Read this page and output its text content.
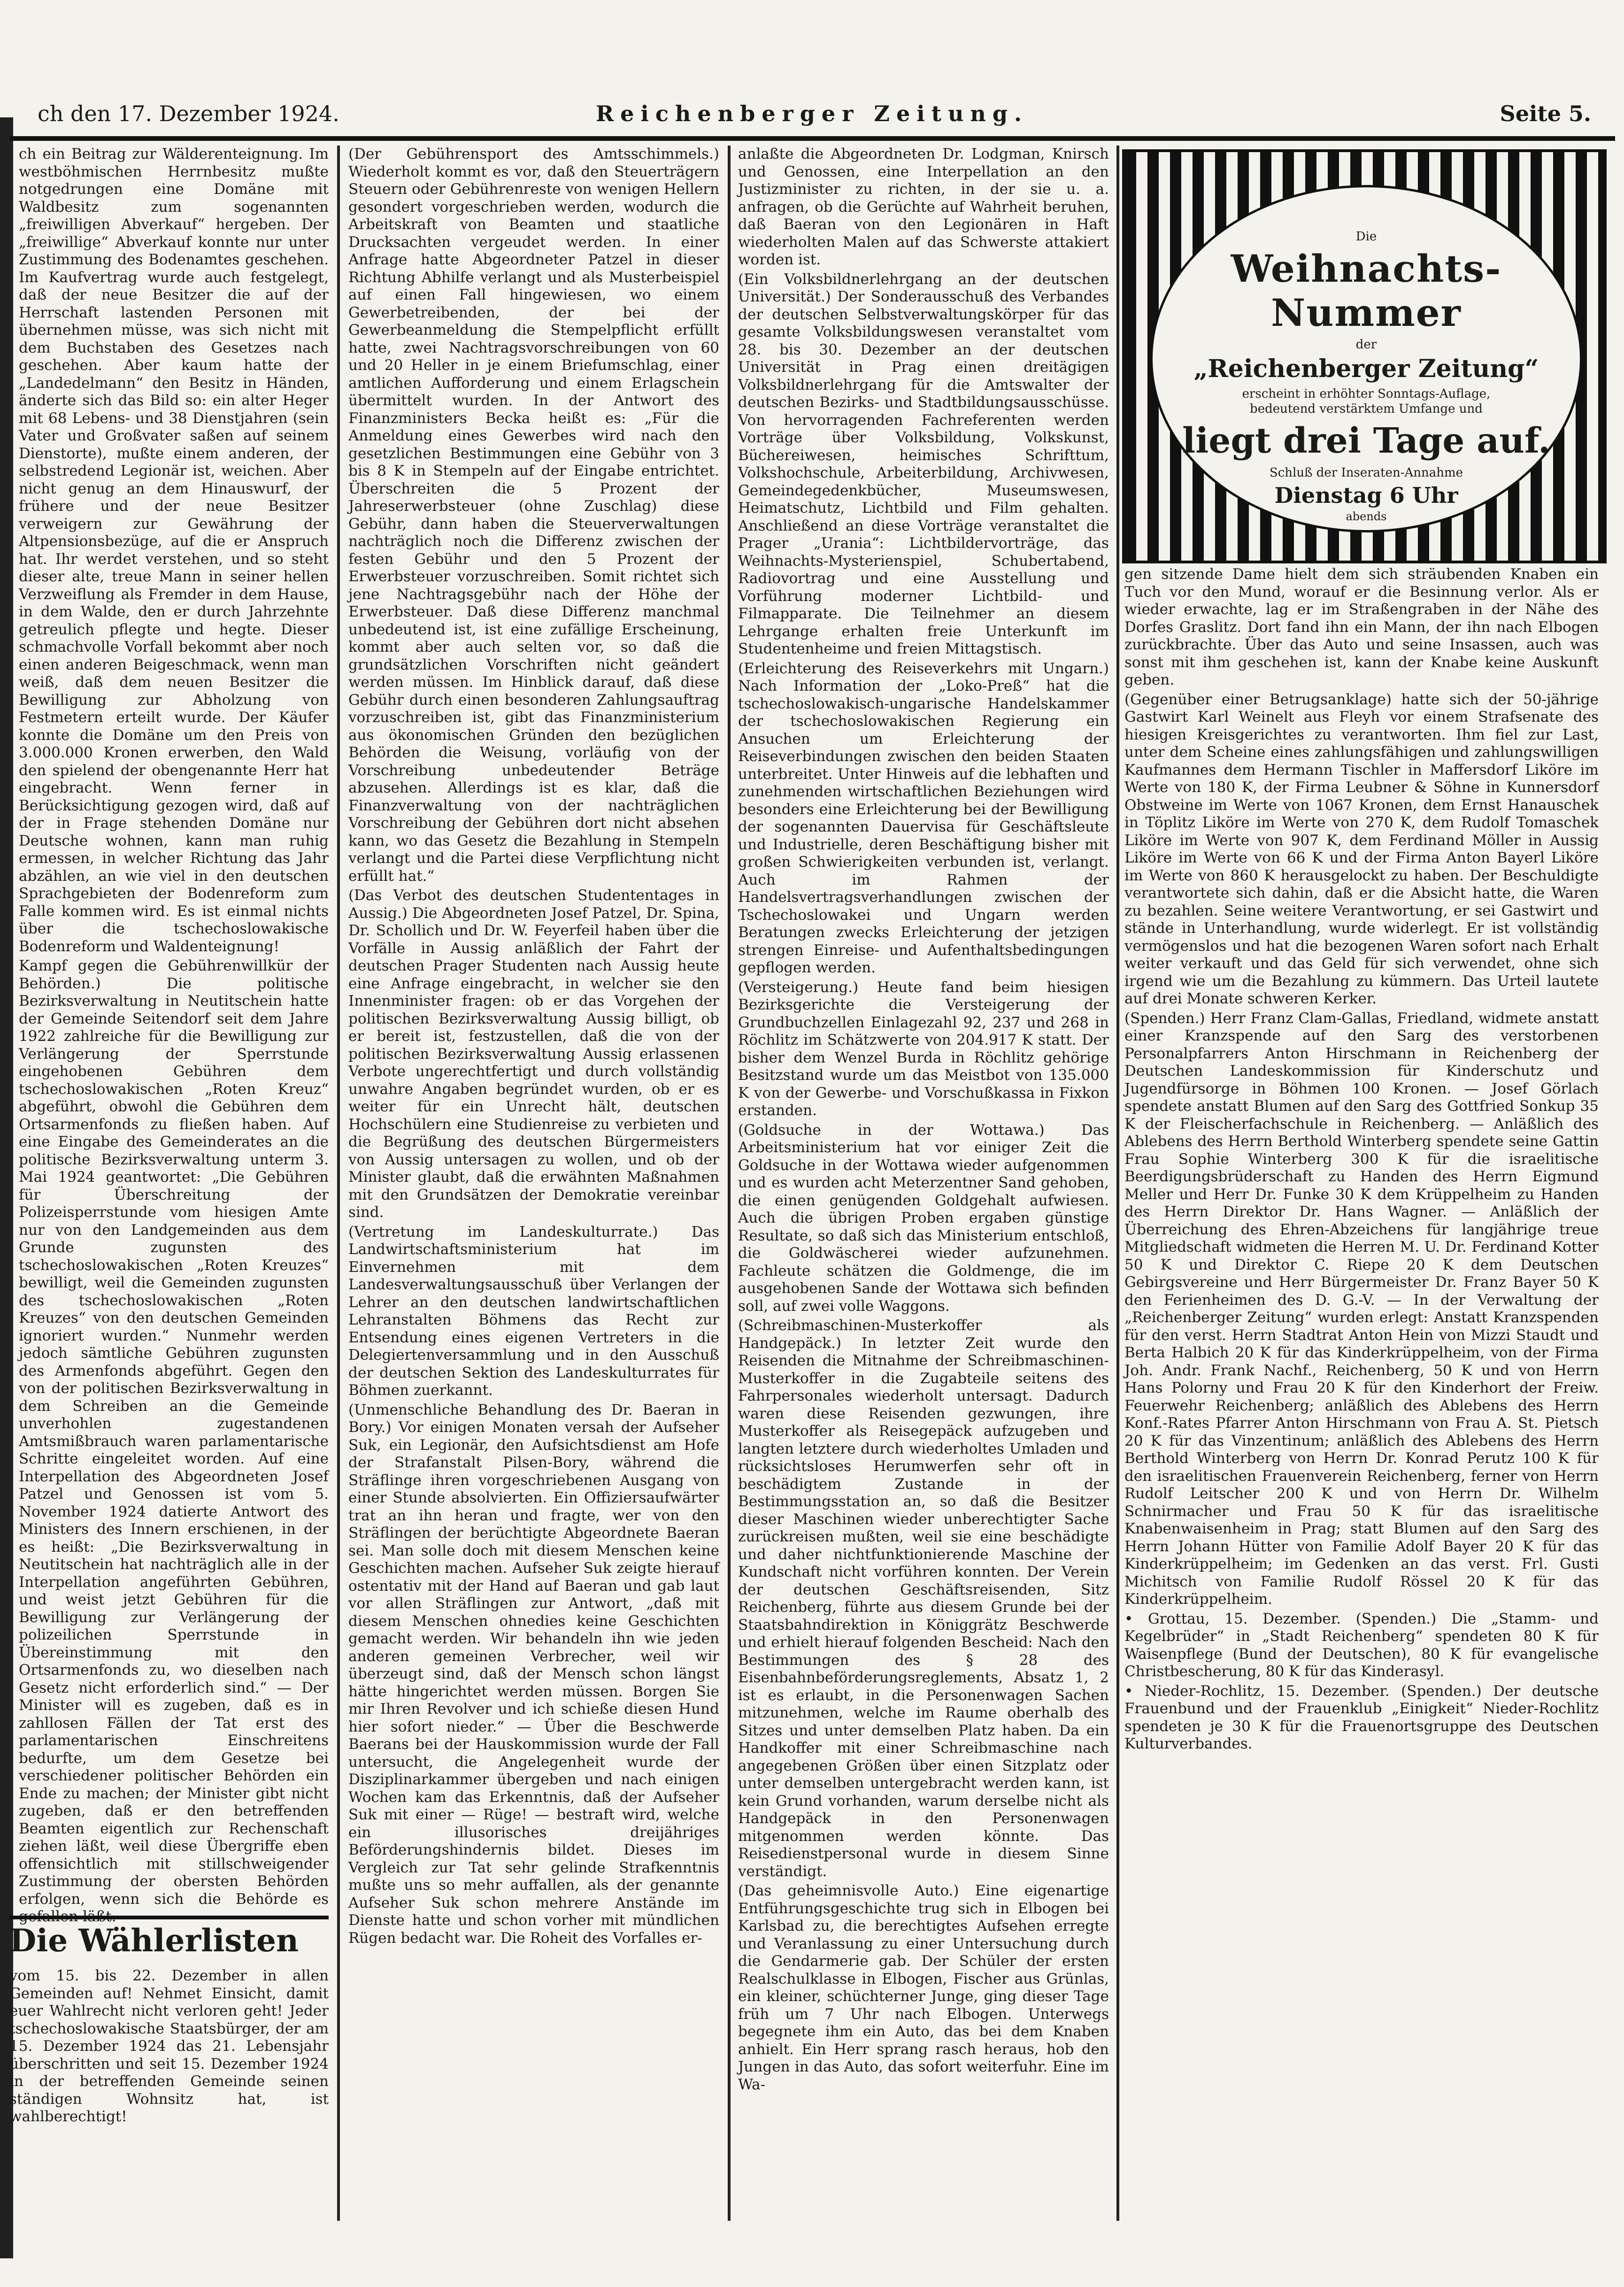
ch den 17. Dezember 1924.	Reichenberger Zeitung.	Seite 5.

ch ein Beitrag zur Wälderenteignung. Im westböhmischen Herrnbesitz mußte notgedrungen eine Domäne mit Waldbesitz zum sogenannten „freiwilligen Abverkauf“ hergeben. Der „freiwillige“ Abverkauf konnte nur unter Zustimmung des Bodenamtes geschehen. Im Kaufvertrag wurde auch festgelegt, daß der neue Besitzer die auf der Herrschaft lastenden Personen mit übernehmen müsse, was sich nicht mit dem Buchstaben des Gesetzes nach geschehen. Aber kaum hatte der „Landedelmann“ den Besitz in Händen, änderte sich das Bild so: ein alter Heger mit 68 Lebens- und 38 Dienstjahren (sein Vater und Großvater saßen auf seinem Dienstorte), mußte einem anderen, der selbstredend Legionär ist, weichen. Aber nicht genug an dem Hinauswurf, der frühere und der neue Besitzer verweigern zur Gewährung der Altpensionsbezüge, auf die er Anspruch hat. Ihr werdet verstehen, und so steht dieser alte, treue Mann in seiner hellen Verzweiflung als Fremder in dem Hause, in dem Walde, den er durch Jahrzehnte getreulich pflegte und hegte. Dieser schmachvolle Vorfall bekommt aber noch einen anderen Beigeschmack, wenn man weiß, daß dem neuen Besitzer die Bewilligung zur Abholzung von Festmetern erteilt wurde. Der Käufer konnte die Domäne um den Preis von 3.000.000 Kronen erwerben, den Wald den spielend der obengenannte Herr hat eingebracht. Wenn ferner in Berücksichtigung gezogen wird, daß auf der in Frage stehenden Domäne nur Deutsche wohnen, kann man ruhig ermessen, in welcher Richtung das Jahr abzählen, an wie viel in den deutschen Sprachgebieten der Bodenreform zum Falle kommen wird. Es ist einmal nichts über die tschechoslowakische Bodenreform und Waldenteignung!

Kampf gegen die Gebührenwillkür der Behörden.) Die politische Bezirksverwaltung in Neutitschein hatte der Gemeinde Seitendorf seit dem Jahre 1922 zahlreiche für die Bewilligung zur Verlängerung der Sperrstunde eingehobenen Gebühren dem tschechoslowakischen „Roten Kreuz“ abgeführt, obwohl die Gebühren dem Ortsarmenfonds zu fließen haben. Auf eine Eingabe des Gemeinderates an die politische Bezirksverwaltung unterm 3. Mai 1924 geantwortet: „Die Gebühren für Überschreitung der Polizeisperrstunde vom hiesigen Amte nur von den Landgemeinden aus dem Grunde zugunsten des tschechoslowakischen „Roten Kreuzes“ bewilligt, weil die Gemeinden zugunsten des tschechoslowakischen „Roten Kreuzes“ von den deutschen Gemeinden ignoriert wurden.“ Nunmehr werden jedoch sämtliche Gebühren zugunsten des Armenfonds abgeführt. Gegen den von der politischen Bezirksverwaltung in dem Schreiben an die Gemeinde unverhohlen zugestandenen Amtsmißbrauch waren parlamentarische Schritte eingeleitet worden. Auf eine Interpellation des Abgeordneten Josef Patzel und Genossen ist vom 5. November 1924 datierte Antwort des Ministers des Innern erschienen, in der es heißt: „Die Bezirksverwaltung in Neutitschein hat nachträglich alle in der Interpellation angeführten Gebühren, und weist jetzt Gebühren für die Bewilligung zur Verlängerung der polizeilichen Sperrstunde in Übereinstimmung mit den Ortsarmenfonds zu, wo dieselben nach Gesetz nicht erforderlich sind.“ — Der Minister will es zugeben, daß es in zahllosen Fällen der Tat erst des parlamentarischen Einschreitens bedurfte, um dem Gesetze bei verschiedener politischer Behörden ein Ende zu machen; der Minister gibt nicht zugeben, daß er den betreffenden Beamten eigentlich zur Rechenschaft ziehen läßt, weil diese Übergriffe eben offensichtlich mit stillschweigender Zustimmung der obersten Behörden erfolgen, wenn sich die Behörde es gefallen läßt.

Die Wählerlisten
vom 15. bis 22. Dezember in allen Gemeinden auf! Nehmet Einsicht, damit euer Wahlrecht nicht verloren geht! Jeder tschechoslowakische Staatsbürger, der am 15. Dezember 1924 das 21. Lebensjahr überschritten und seit 15. Dezember 1924 in der betreffenden Gemeinde seinen ständigen Wohnsitz hat, ist wahlberechtigt!

(Der Gebührensport des Amtsschimmels.) Wiederholt kommt es vor, daß den Steuerträgern Steuern oder Gebührenreste von wenigen Hellern gesondert vorgeschrieben werden, wodurch die Arbeitskraft von Beamten und staatliche Drucksachten vergeudet werden. In einer Anfrage hatte Abgeordneter Patzel in dieser Richtung Abhilfe verlangt und als Musterbeispiel auf einen Fall hingewiesen, wo einem Gewerbetreibenden, der bei der Gewerbeanmeldung die Stempelpflicht erfüllt hatte, zwei Nachtragsvorschreibungen von 60 und 20 Heller in je einem Briefumschlag, einer amtlichen Aufforderung und einem Erlagschein übermittelt wurden. In der Antwort des Finanzministers Becka heißt es: „Für die Anmeldung eines Gewerbes wird nach den gesetzlichen Bestimmungen eine Gebühr von 3 bis 8 K in Stempeln auf der Eingabe entrichtet. Überschreiten die 5 Prozent der Jahreserwerbsteuer (ohne Zuschlag) diese Gebühr, dann haben die Steuerverwaltungen nachträglich noch die Differenz zwischen der festen Gebühr und den 5 Prozent der Erwerbsteuer vorzuschreiben. Somit richtet sich jene Nachtragsgebühr nach der Höhe der Erwerbsteuer. Daß diese Differenz manchmal unbedeutend ist, ist eine zufällige Erscheinung, kommt aber auch selten vor, so daß die grundsätzlichen Vorschriften nicht geändert werden müssen. Im Hinblick darauf, daß diese Gebühr durch einen besonderen Zahlungsauftrag vorzuschreiben ist, gibt das Finanzministerium aus ökonomischen Gründen den bezüglichen Behörden die Weisung, vorläufig von der Vorschreibung unbedeutender Beträge abzusehen. Allerdings ist es klar, daß die Finanzverwaltung von der nachträglichen Vorschreibung der Gebühren dort nicht absehen kann, wo das Gesetz die Bezahlung in Stempeln verlangt und die Partei diese Verpflichtung nicht erfüllt hat.“

(Das Verbot des deutschen Studententages in Aussig.) Die Abgeordneten Josef Patzel, Dr. Spina, Dr. Schollich und Dr. W. Feyerfeil haben über die Vorfälle in Aussig anläßlich der Fahrt der deutschen Prager Studenten nach Aussig heute eine Anfrage eingebracht, in welcher sie den Innenminister fragen: ob er das Vorgehen der politischen Bezirksverwaltung Aussig billigt, ob er bereit ist, festzustellen, daß die von der politischen Bezirksverwaltung Aussig erlassenen Verbote ungerechtfertigt und durch vollständig unwahre Angaben begründet wurden, ob er es weiter für ein Unrecht hält, deutschen Hochschülern eine Studienreise zu verbieten und die Begrüßung des deutschen Bürgermeisters von Aussig untersagen zu wollen, und ob der Minister glaubt, daß die erwähnten Maßnahmen mit den Grundsätzen der Demokratie vereinbar sind.

(Vertretung im Landeskulturrate.) Das Landwirtschaftsministerium hat im Einvernehmen mit dem Landesverwaltungsausschuß über Verlangen der Lehrer an den deutschen landwirtschaftlichen Lehranstalten Böhmens das Recht zur Entsendung eines eigenen Vertreters in die Delegiertenversammlung und in den Ausschuß der deutschen Sektion des Landeskulturrates für Böhmen zuerkannt.

(Unmenschliche Behandlung des Dr. Baeran in Bory.) Vor einigen Monaten versah der Aufseher Suk, ein Legionär, den Aufsichtsdienst am Hofe der Strafanstalt Pilsen-Bory, während die Sträflinge ihren vorgeschriebenen Ausgang von einer Stunde absolvierten. Ein Offiziersaufwärter trat an ihn heran und fragte, wer von den Sträflingen der berüchtigte Abgeordnete Baeran sei. Man solle doch mit diesem Menschen keine Geschichten machen. Aufseher Suk zeigte hierauf ostentativ mit der Hand auf Baeran und gab laut vor allen Sträflingen zur Antwort, „daß mit diesem Menschen ohnedies keine Geschichten gemacht werden. Wir behandeln ihn wie jeden anderen gemeinen Verbrecher, weil wir überzeugt sind, daß der Mensch schon längst hätte hingerichtet werden müssen. Borgen Sie mir Ihren Revolver und ich schieße diesen Hund hier sofort nieder.“ — Über die Beschwerde Baerans bei der Hauskommission wurde der Fall untersucht, die Angelegenheit wurde der Disziplinarkammer übergeben und nach einigen Wochen kam das Erkenntnis, daß der Aufseher Suk mit einer — Rüge! — bestraft wird, welche ein illusorisches dreijähriges Beförderungshindernis bildet. Dieses im Vergleich zur Tat sehr gelinde Strafkenntnis mußte uns so mehr auffallen, als der genannte Aufseher Suk schon mehrere Anstände im Dienste hatte und schon vorher mit mündlichen Rügen bedacht war. Die Roheit des Vorfalles er-

anlaßte die Abgeordneten Dr. Lodgman, Knirsch und Genossen, eine Interpellation an den Justizminister zu richten, in der sie u. a. anfragen, ob die Gerüchte auf Wahrheit beruhen, daß Baeran von den Legionären in Haft wiederholten Malen auf das Schwerste attakiert worden ist.

(Ein Volksbildnerlehrgang an der deutschen Universität.) Der Sonderausschuß des Verbandes der deutschen Selbstverwaltungskörper für das gesamte Volksbildungswesen veranstaltet vom 28. bis 30. Dezember an der deutschen Universität in Prag einen dreitägigen Volksbildnerlehrgang für die Amtswalter der deutschen Bezirks- und Stadtbildungsausschüsse. Von hervorragenden Fachreferenten werden Vorträge über Volksbildung, Volkskunst, Büchereiwesen, heimisches Schrifttum, Volkshochschule, Arbeiterbildung, Archivwesen, Gemeindegedenkbücher, Museumswesen, Heimatschutz, Lichtbild und Film gehalten. Anschließend an diese Vorträge veranstaltet die Prager „Urania“: Lichtbildervorträge, das Weihnachts-Mysterienspiel, Schubertabend, Radiovortrag und eine Ausstellung und Vorführung moderner Lichtbild- und Filmapparate. Die Teilnehmer an diesem Lehrgange erhalten freie Unterkunft im Studentenheime und freien Mittagstisch.

(Erleichterung des Reiseverkehrs mit Ungarn.) Nach Information der „Loko-Preß“ hat die tschechoslowakisch-ungarische Handelskammer der tschechoslowakischen Regierung ein Ansuchen um Erleichterung der Reiseverbindungen zwischen den beiden Staaten unterbreitet. Unter Hinweis auf die lebhaften und zunehmenden wirtschaftlichen Beziehungen wird besonders eine Erleichterung bei der Bewilligung der sogenannten Dauervisa für Geschäftsleute und Industrielle, deren Beschäftigung bisher mit großen Schwierigkeiten verbunden ist, verlangt. Auch im Rahmen der Handelsvertragsverhandlungen zwischen der Tschechoslowakei und Ungarn werden Beratungen zwecks Erleichterung der jetzigen strengen Einreise- und Aufenthaltsbedingungen gepflogen werden.

(Versteigerung.) Heute fand beim hiesigen Bezirksgerichte die Versteigerung der Grundbuchzellen Einlagezahl 92, 237 und 268 in Röchlitz im Schätzwerte von 204.917 K statt. Der bisher dem Wenzel Burda in Röchlitz gehörige Besitzstand wurde um das Meistbot von 135.000 K von der Gewerbe- und Vorschußkassa in Fixkon erstanden.

(Goldsuche in der Wottawa.) Das Arbeitsministerium hat vor einiger Zeit die Goldsuche in der Wottawa wieder aufgenommen und es wurden acht Meterzentner Sand gehoben, die einen genügenden Goldgehalt aufwiesen. Auch die übrigen Proben ergaben günstige Resultate, so daß sich das Ministerium entschloß, die Goldwäscherei wieder aufzunehmen. Fachleute schätzen die Goldmenge, die im ausgehobenen Sande der Wottawa sich befinden soll, auf zwei volle Waggons.

(Schreibmaschinen-Musterkoffer als Handgepäck.) In letzter Zeit wurde den Reisenden die Mitnahme der Schreibmaschinen-Musterkoffer in die Zugabteile seitens des Fahrpersonales wiederholt untersagt. Dadurch waren diese Reisenden gezwungen, ihre Musterkoffer als Reisegepäck aufzugeben und langten letztere durch wiederholtes Umladen und rücksichtsloses Herumwerfen sehr oft in beschädigtem Zustande in der Bestimmungsstation an, so daß die Besitzer dieser Maschinen wieder unberechtigter Sache zurückreisen mußten, weil sie eine beschädigte und daher nichtfunktionierende Maschine der Kundschaft nicht vorführen konnten. Der Verein der deutschen Geschäftsreisenden, Sitz Reichenberg, führte aus diesem Grunde bei der Staatsbahndirektion in Königgrätz Beschwerde und erhielt hierauf folgenden Bescheid: Nach den Bestimmungen des § 28 des Eisenbahnbeförderungsreglements, Absatz 1, 2 ist es erlaubt, in die Personenwagen Sachen mitzunehmen, welche im Raume oberhalb des Sitzes und unter demselben Platz haben. Da ein Handkoffer mit einer Schreibmaschine nach angegebenen Größen über einen Sitzplatz oder unter demselben untergebracht werden kann, ist kein Grund vorhanden, warum derselbe nicht als Handgepäck in den Personenwagen mitgenommen werden könnte. Das Reisedienstpersonal wurde in diesem Sinne verständigt.

(Das geheimnisvolle Auto.) Eine eigenartige Entführungsgeschichte trug sich in Elbogen bei Karlsbad zu, die berechtigtes Aufsehen erregte und Veranlassung zu einer Untersuchung durch die Gendarmerie gab. Der Schüler der ersten Realschulklasse in Elbogen, Fischer aus Grünlas, ein kleiner, schüchterner Junge, ging dieser Tage früh um 7 Uhr nach Elbogen. Unterwegs begegnete ihm ein Auto, das bei dem Knaben anhielt. Ein Herr sprang rasch heraus, hob den Jungen in das Auto, das sofort weiterfuhr. Eine im Wa-

Die
Weihnachts-Nummer
der
„Reichenberger Zeitung“
erscheint in erhöhter Sonntags-Auflage,
bedeutend verstärktem Umfange und
liegt drei Tage auf.
Schluß der Inseraten-Annahme
Dienstag 6 Uhr
abends

gen sitzende Dame hielt dem sich sträubenden Knaben ein Tuch vor den Mund, worauf er die Besinnung verlor. Als er wieder erwachte, lag er im Straßengraben in der Nähe des Dorfes Graslitz. Dort fand ihn ein Mann, der ihn nach Elbogen zurückbrachte. Über das Auto und seine Insassen, auch was sonst mit ihm geschehen ist, kann der Knabe keine Auskunft geben.

(Gegenüber einer Betrugsanklage) hatte sich der 50-jährige Gastwirt Karl Weinelt aus Fleyh vor einem Strafsenate des hiesigen Kreisgerichtes zu verantworten. Ihm fiel zur Last, unter dem Scheine eines zahlungsfähigen und zahlungswilligen Kaufmannes dem Hermann Tischler in Maffersdorf Liköre im Werte von 180 K, der Firma Leubner & Söhne in Kunnersdorf Obstweine im Werte von 1067 Kronen, dem Ernst Hanauschek in Töplitz Liköre im Werte von 270 K, dem Rudolf Tomaschek Liköre im Werte von 907 K, dem Ferdinand Möller in Aussig Liköre im Werte von 66 K und der Firma Anton Bayerl Liköre im Werte von 860 K herausgelockt zu haben. Der Beschuldigte verantwortete sich dahin, daß er die Absicht hatte, die Waren zu bezahlen. Seine weitere Verantwortung, er sei Gastwirt und stände in Unterhandlung, wurde widerlegt. Er ist vollständig vermögenslos und hat die bezogenen Waren sofort nach Erhalt weiter verkauft und das Geld für sich verwendet, ohne sich irgend wie um die Bezahlung zu kümmern. Das Urteil lautete auf drei Monate schweren Kerker.

(Spenden.) Herr Franz Clam-Gallas, Friedland, widmete anstatt einer Kranzspende auf den Sarg des verstorbenen Personalpfarrers Anton Hirschmann in Reichenberg der Deutschen Landeskommission für Kinderschutz und Jugendfürsorge in Böhmen 100 Kronen. — Josef Görlach spendete anstatt Blumen auf den Sarg des Gottfried Sonkup 35 K der Fleischerfachschule in Reichenberg. — Anläßlich des Ablebens des Herrn Berthold Winterberg spendete seine Gattin Frau Sophie Winterberg 300 K für die israelitische Beerdigungsbrüderschaft zu Handen des Herrn Eigmund Meller und Herr Dr. Funke 30 K dem Krüppelheim zu Handen des Herrn Direktor Dr. Hans Wagner. — Anläßlich der Überreichung des Ehren-Abzeichens für langjährige treue Mitgliedschaft widmeten die Herren M. U. Dr. Ferdinand Kotter 50 K und Direktor C. Riepe 20 K dem Deutschen Gebirgsvereine und Herr Bürgermeister Dr. Franz Bayer 50 K den Ferienheimen des D. G.-V. — In der Verwaltung der „Reichenberger Zeitung“ wurden erlegt: Anstatt Kranzspenden für den verst. Herrn Stadtrat Anton Hein von Mizzi Staudt und Berta Halbich 20 K für das Kinderkrüppelheim, von der Firma Joh. Andr. Frank Nachf., Reichenberg, 50 K und von Herrn Hans Polorny und Frau 20 K für den Kinderhort der Freiw. Feuerwehr Reichenberg; anläßlich des Ablebens des Herrn Konf.-Rates Pfarrer Anton Hirschmann von Frau A. St. Pietsch 20 K für das Vinzentinum; anläßlich des Ablebens des Herrn Berthold Winterberg von Herrn Dr. Konrad Perutz 100 K für den israelitischen Frauenverein Reichenberg, ferner von Herrn Rudolf Leitscher 200 K und von Herrn Dr. Wilhelm Schnirmacher und Frau 50 K für das israelitische Knabenwaisenheim in Prag; statt Blumen auf den Sarg des Herrn Johann Hütter von Familie Adolf Bayer 20 K für das Kinderkrüppelheim; im Gedenken an das verst. Frl. Gusti Michitsch von Familie Rudolf Rössel 20 K für das Kinderkrüppelheim.

• Grottau, 15. Dezember. (Spenden.) Die „Stamm- und Kegelbrüder“ in „Stadt Reichenberg“ spendeten 80 K für Waisenpflege (Bund der Deutschen), 80 K für evangelische Christbescherung, 80 K für das Kinderasyl.

• Nieder-Rochlitz, 15. Dezember. (Spenden.) Der deutsche Frauenbund und der Frauenklub „Einigkeit“ Nieder-Rochlitz spendeten je 30 K für die Frauenortsgruppe des Deutschen Kulturverbandes.
